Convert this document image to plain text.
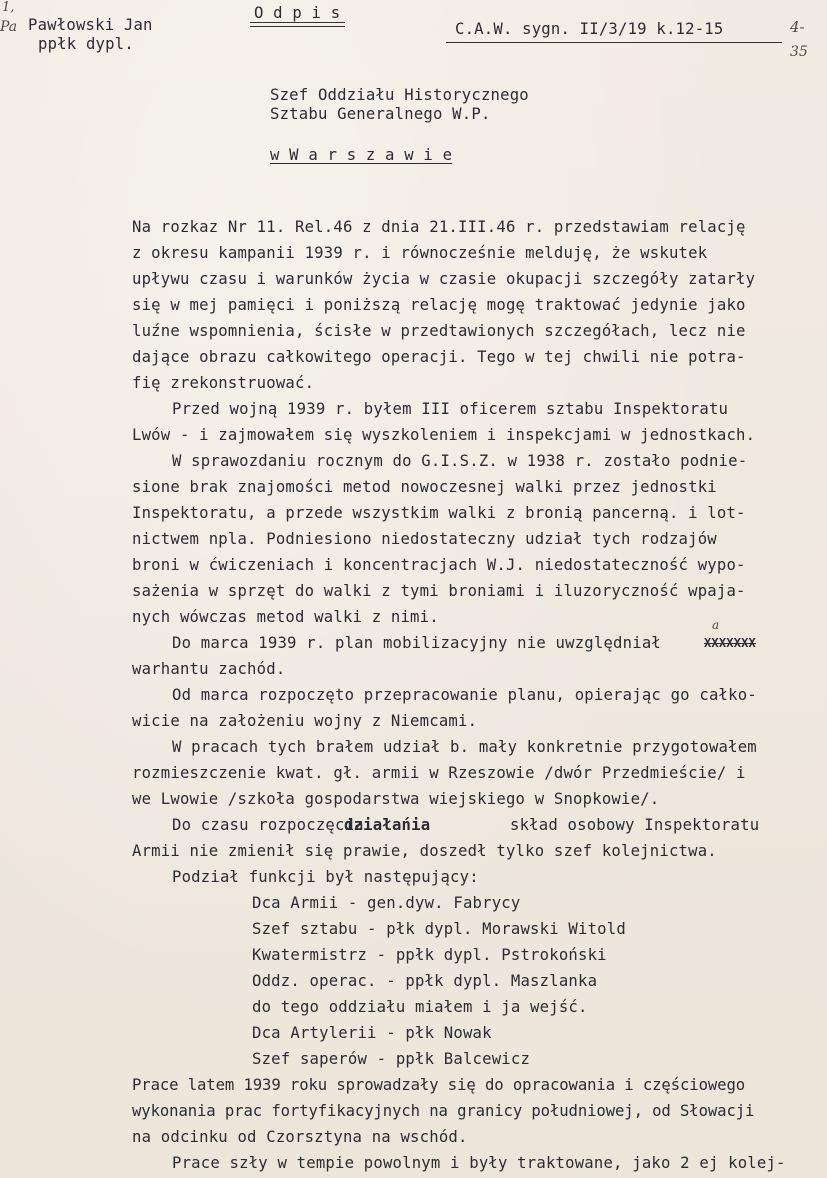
1,
Pa Pawłowski Jan
ppłk dypl.
O d p i s
C.A.W. sygn. II/3/19 k.12-15	4-
35
Szef Oddziału Historycznego
Sztabu Generalnego W.P.
w W a r s z a w i e
Na rozkaz Nr 11. Rel.46 z dnia 21.III.46 r. przedstawiam relację
z okresu kampanii 1939 r. i równocześnie melduję, że wskutek
upływu czasu i warunków życia w czasie okupacji szczegóły zatarły
się w mej pamięci i poniższą relację mogę traktować jedynie jako
luźne wspomnienia, ścisłe w przedtawionych szczegółach, lecz nie
dające obrazu całkowitego operacji. Tego w tej chwili nie potra-
fię zrekonstruować.
Przed wojną 1939 r. byłem III oficerem sztabu Inspektoratu
Lwów - i zajmowałem się wyszkoleniem i inspekcjami w jednostkach.
W sprawozdaniu rocznym do G.I.S.Z. w 1938 r. zostało podnie-
sione brak znajomości metod nowoczesnej walki przez jednostki
Inspektoratu, a przede wszystkim walki z bronią pancerną. i lot-
nictwem npla. Podniesiono niedostateczny udział tych rodzajów
broni w ćwiczeniach i koncentracjach W.J. niedostateczność wypo-
sażenia w sprzęt do walki z tymi broniami i iluzoryczność wpaja-
nych wówczas metod walki z nimi.
Do marca 1939 r. plan mobilizacyjny nie uwzględniał	XXXXXXX
a
warhantu zachód.
Od marca rozpoczęto przepracowanie planu, opierając go całko-
wicie na założeniu wojny z Niemcami.
W pracach tych brałem udział b. mały konkretnie przygotowałem
rozmieszczenie kwat. gł. armii w Rzeszowie /dwór Przedmieście/ i
we Lwowie /szkoła gospodarstwa wiejskiego w Snopkowie/.
Do czasu rozpoczęcia
działańia	skład osobowy Inspektoratu
Armii nie zmienił się prawie, doszedł tylko szef kolejnictwa.
Podział funkcji był następujący:
Dca Armii - gen.dyw. Fabrycy
Szef sztabu - płk dypl. Morawski Witold
Kwatermistrz - ppłk dypl. Pstrokoński
Oddz. operac. - ppłk dypl. Maszlanka
do tego oddziału miałem i ja wejść.
Dca Artylerii - płk Nowak
Szef saperów - ppłk Balcewicz
Prace latem 1939 roku sprowadzały się do opracowania i częściowego
wykonania prac fortyfikacyjnych na granicy południowej, od Słowacji
na odcinku od Czorsztyna na wschód.
Prace szły w tempie powolnym i były traktowane, jako 2 ej kolej-
